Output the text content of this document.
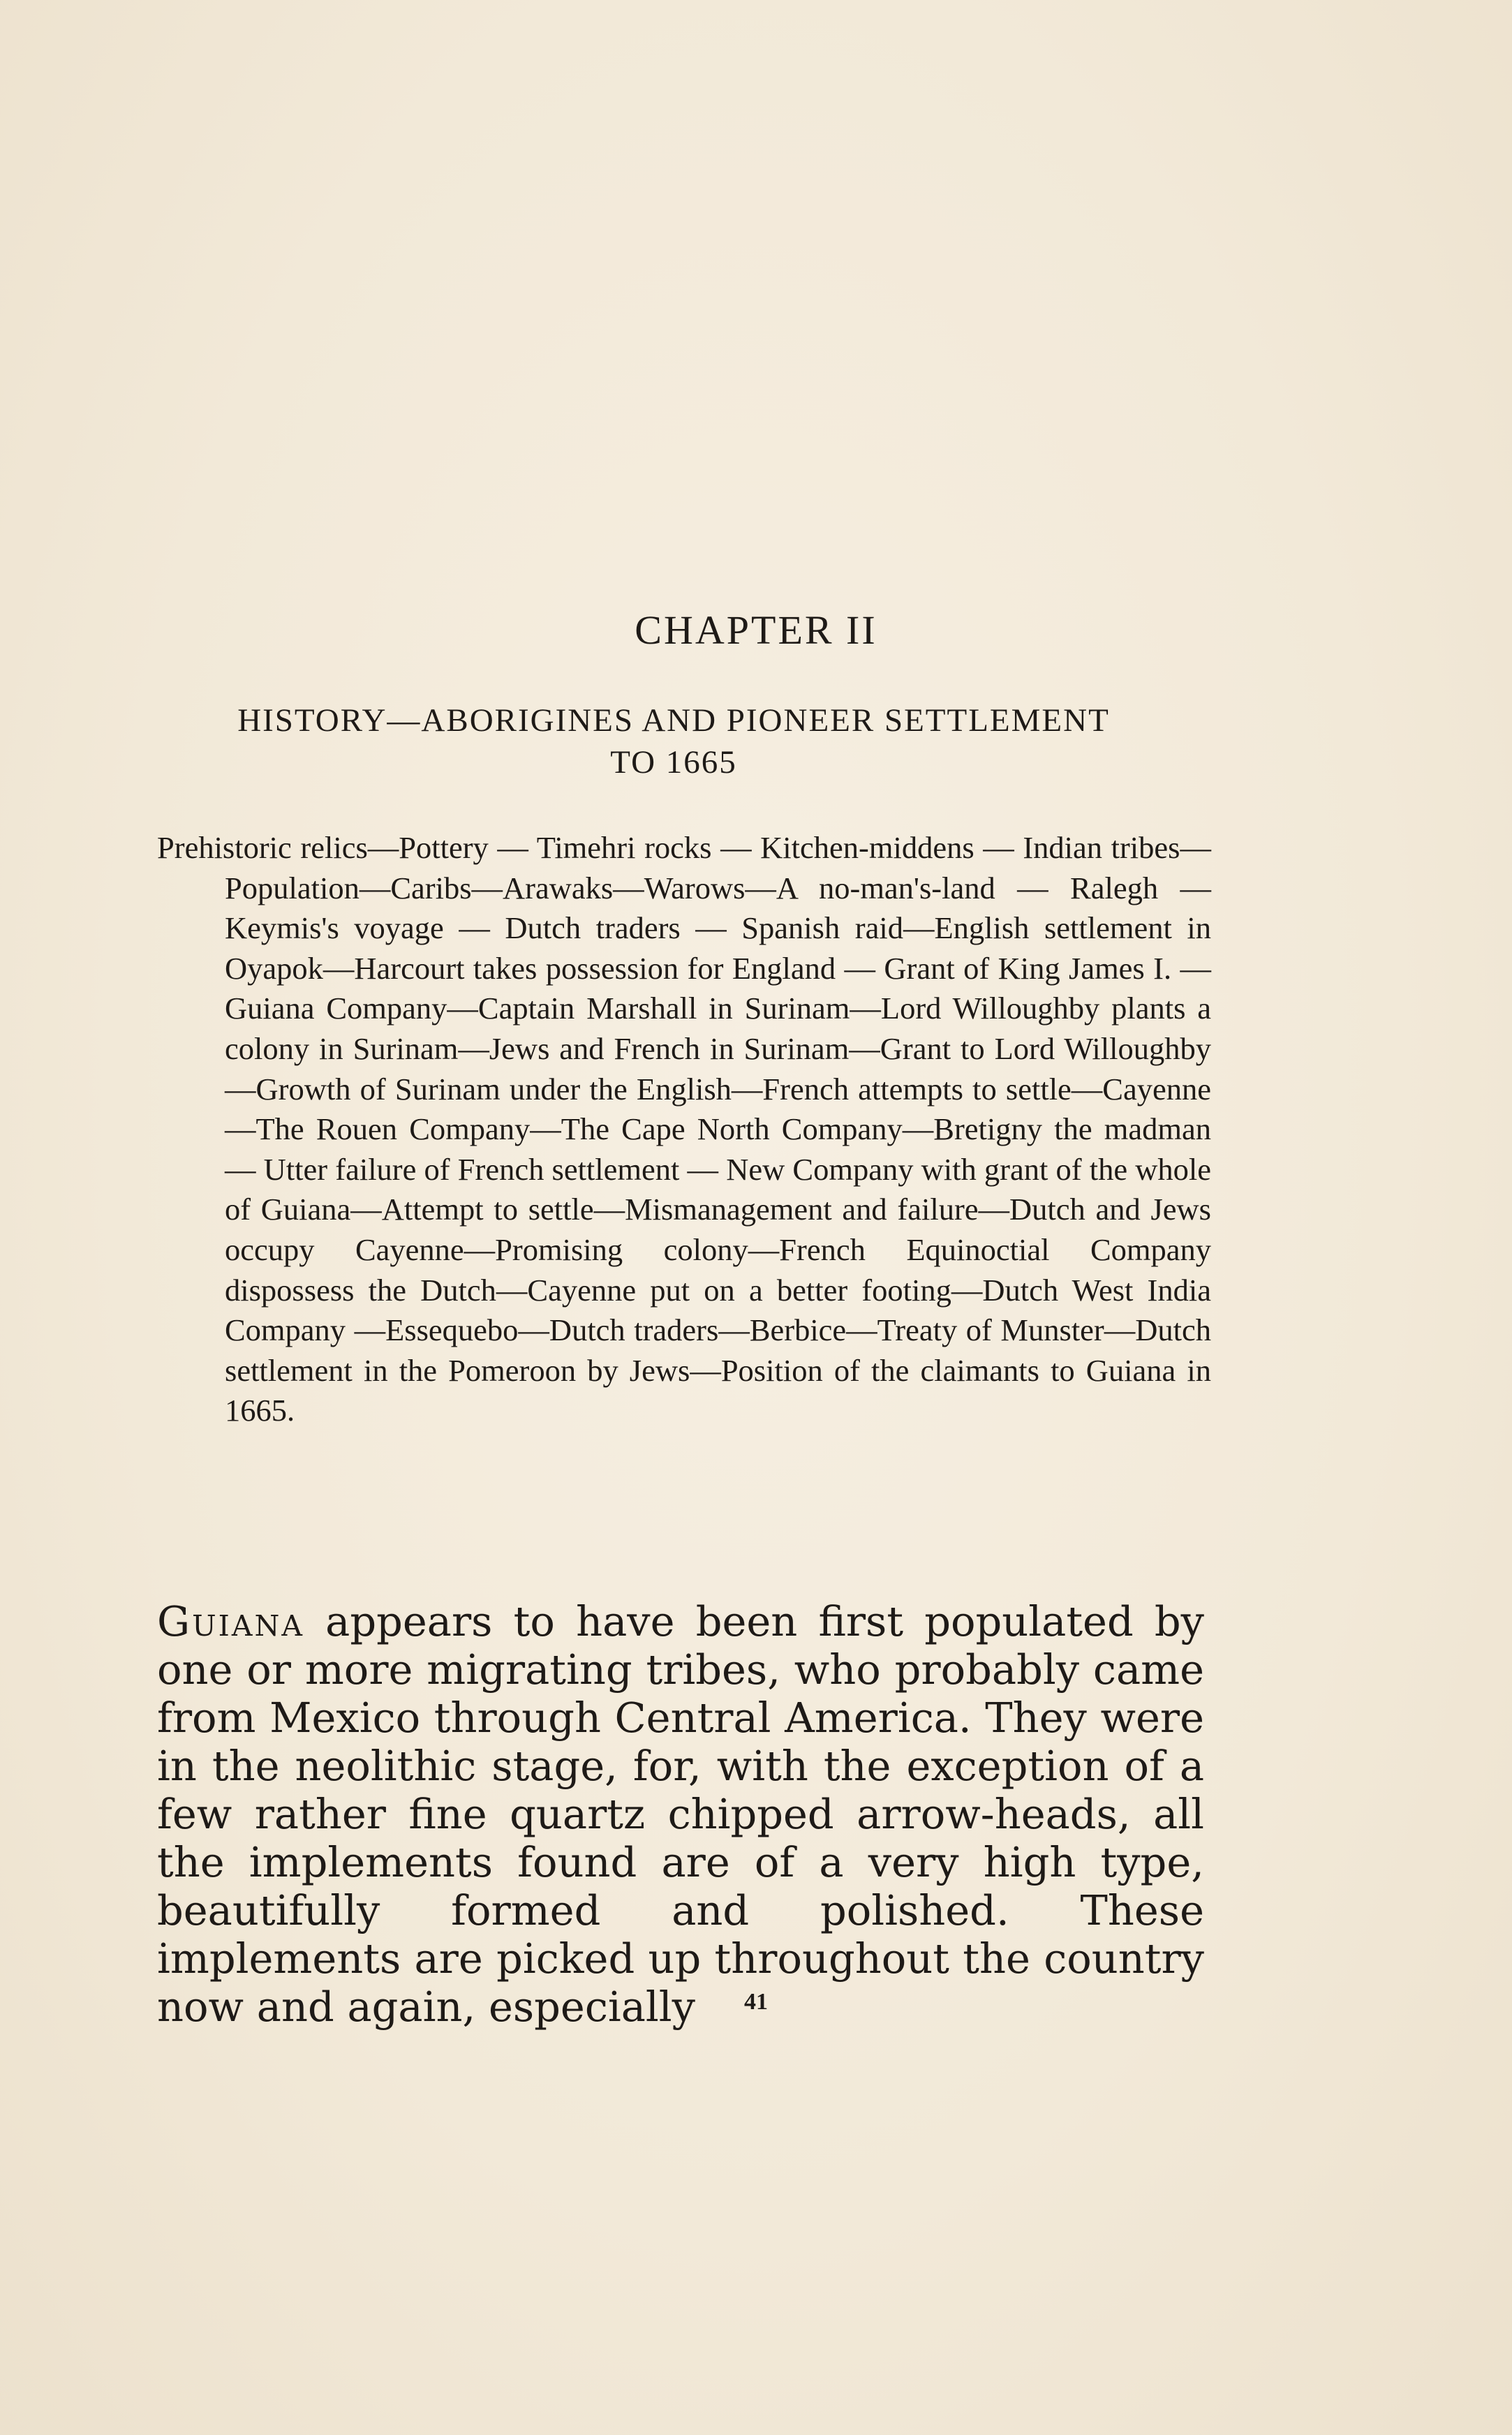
CHAPTER II
HISTORY—ABORIGINES AND PIONEER SETTLEMENT
TO 1665
Prehistoric relics—Pottery — Timehri rocks — Kitchen-middens — Indian tribes—Population—Caribs—Arawaks—Warows—A no-man's-land — Ralegh — Keymis's voyage — Dutch traders — Spanish raid—English settlement in Oyapok—Harcourt takes possession for England — Grant of King James I. — Guiana Company—Captain Marshall in Surinam—Lord Willoughby plants a colony in Surinam—Jews and French in Surinam—Grant to Lord Willoughby—Growth of Surinam under the English—French attempts to settle—Cayenne—The Rouen Company—The Cape North Company—Bretigny the madman — Utter failure of French settlement — New Company with grant of the whole of Guiana—Attempt to settle—Mismanagement and failure—Dutch and Jews occupy Cayenne—Promising colony—French Equinoctial Company dispossess the Dutch—Cayenne put on a better footing—Dutch West India Company —Essequebo—Dutch traders—Berbice—Treaty of Munster—Dutch settlement in the Pomeroon by Jews—Position of the claimants to Guiana in 1665.
Guiana appears to have been first populated by one or more migrating tribes, who probably came from Mexico through Central America. They were in the neolithic stage, for, with the exception of a few rather fine quartz chipped arrow-heads, all the implements found are of a very high type, beautifully formed and polished. These implements are picked up throughout the country now and again, especially	41
